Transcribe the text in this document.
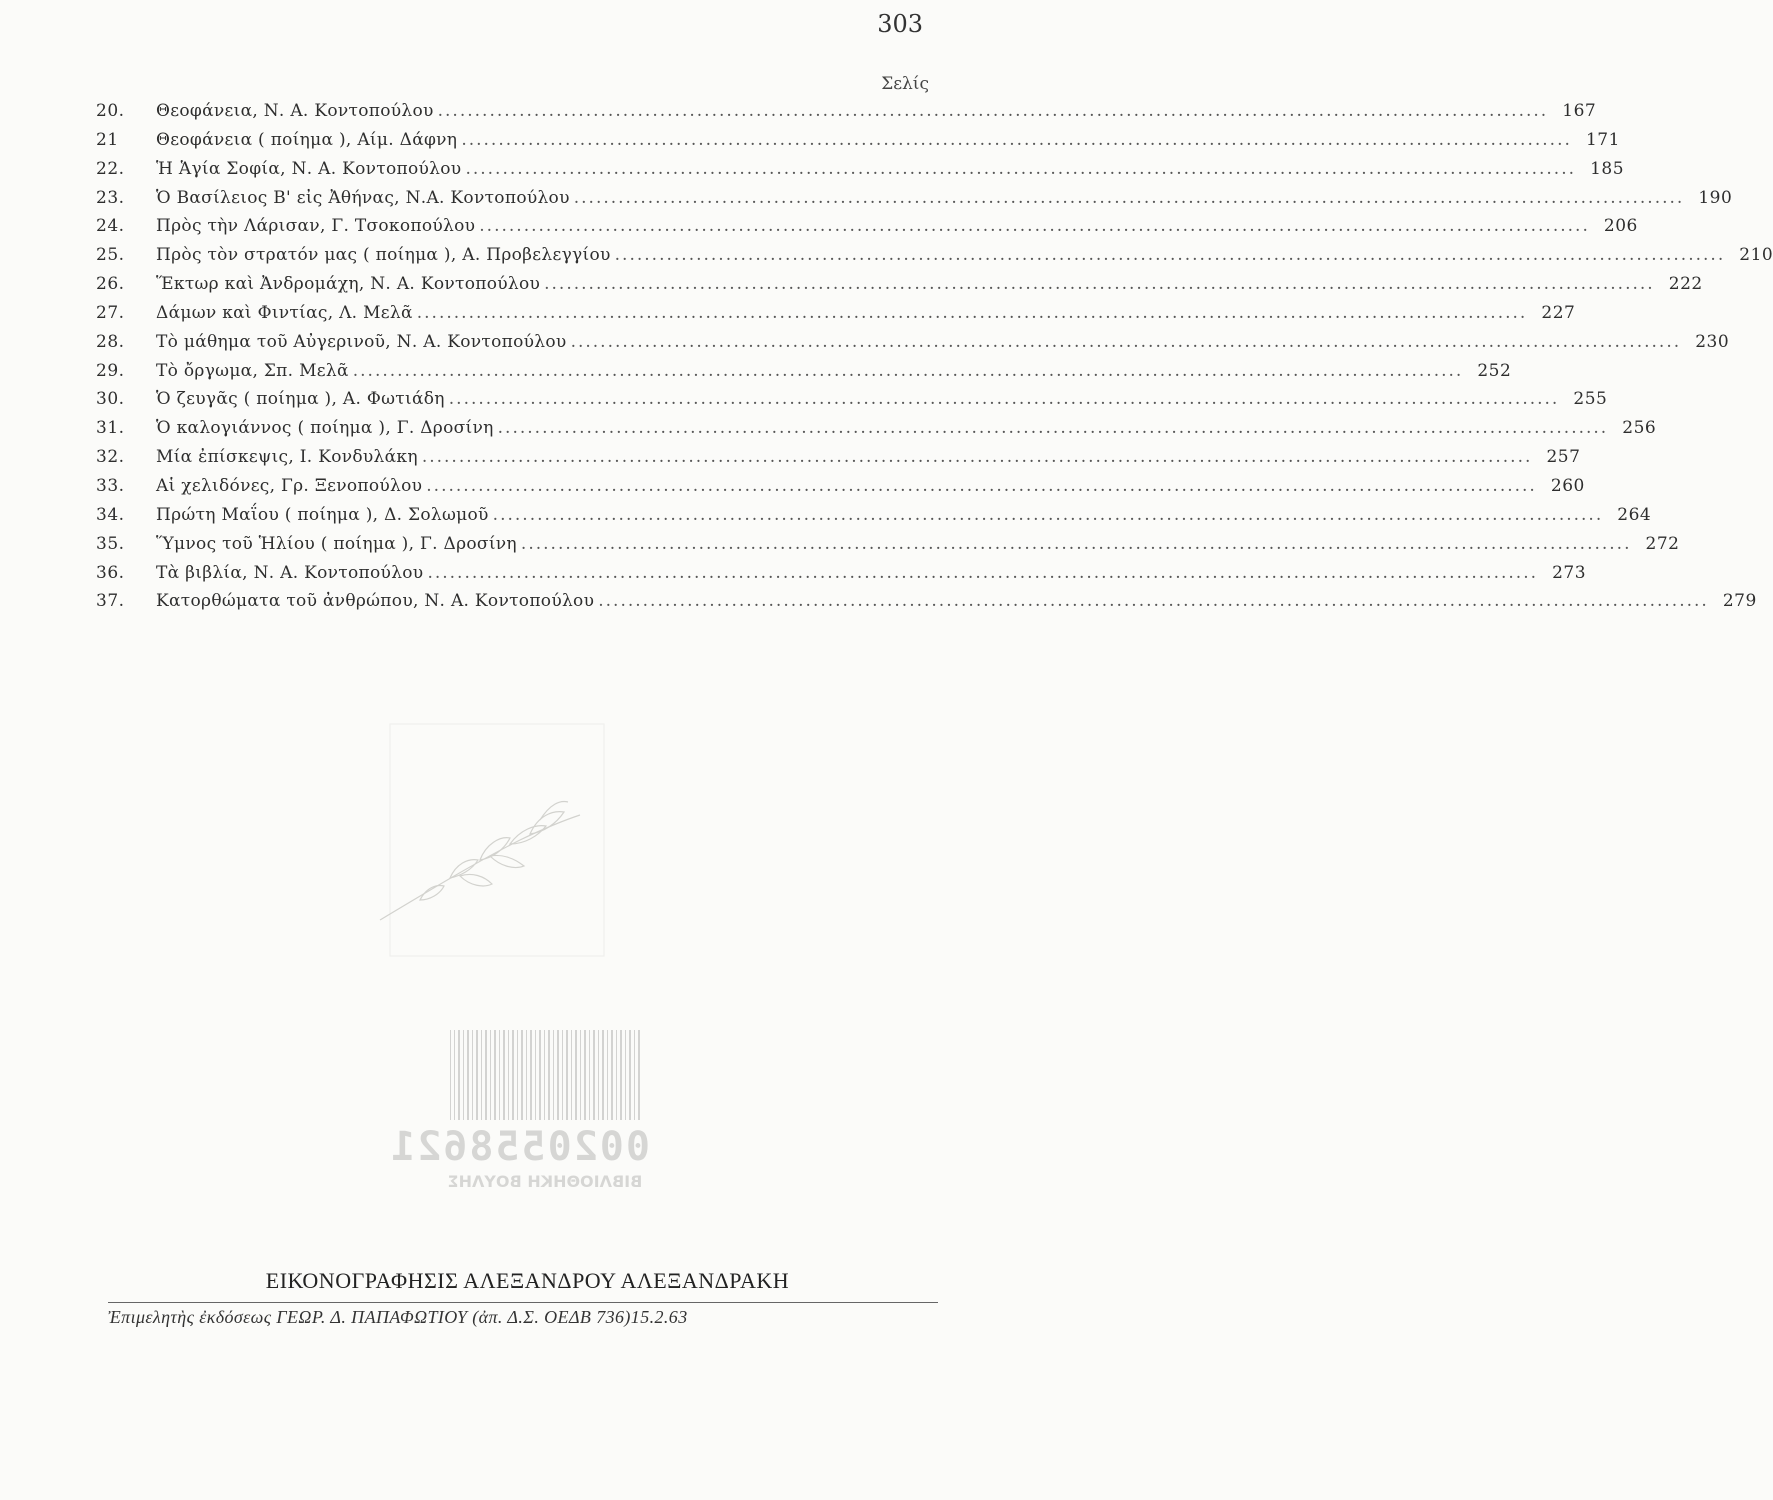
303
Σελίς
20.	Θεοφάνεια, Ν. Α. Κοντοπούλου .....	167
21	Θεοφάνεια ( ποίημα ), Αίμ. Δάφνη .....	171
22.	Ἡ Ἁγία Σοφία, Ν. Α. Κοντοπούλου .....	185
23.	Ὁ Βασίλειος Β' εἰς Ἀθήνας, Ν.Α. Κοντοπούλου .....	190
24.	Πρὸς τὴν Λάρισαν, Γ. Τσοκοπούλου .....	206
25.	Πρὸς τὸν στρατόν μας ( ποίημα ), Α. Προβελεγγίου .....	210
26.	Ἕκτωρ καὶ Ἀνδρομάχη, Ν. Α. Κοντοπούλου .....	222
27.	Δάμων καὶ Φιντίας, Λ. Μελᾶ .....	227
28.	Τὸ μάθημα τοῦ Αὐγερινοῦ, Ν. Α. Κοντοπούλου .....	230
29.	Τὸ ὄργωμα, Σπ. Μελᾶ .....	252
30.	Ὁ ζευγᾶς ( ποίημα ), Α. Φωτιάδη .....	255
31.	Ὁ καλογιάννος ( ποίημα ), Γ. Δροσίνη .....	256
32.	Μία ἐπίσκεψις, Ι. Κονδυλάκη .....	257
33.	Αἱ χελιδόνες, Γρ. Ξενοπούλου .....	260
34.	Πρώτη Μαΐου ( ποίημα ), Δ. Σολωμοῦ .....	264
35.	Ὕμνος τοῦ Ἡλίου ( ποίημα ), Γ. Δροσίνη .....	272
36.	Τὰ βιβλία, Ν. Α. Κοντοπούλου .....	273
37.	Κατορθώματα τοῦ ἀνθρώπου, Ν. Α. Κοντοπούλου .....	279
0020558621
ΒΙΒΛΙΟΘΗΚΗ ΒΟΥΛΗΣ
ΕΙΚΟΝΟΓΡΑΦΗΣΙΣ ΑΛΕΞΑΝΔΡΟΥ ΑΛΕΞΑΝΔΡΑΚΗ
Ἐπιμελητὴς ἐκδόσεως ΓΕΩΡ. Δ. ΠΑΠΑΦΩΤΙΟΥ (ἀπ. Δ.Σ. ΟΕΔΒ 736)15.2.63
